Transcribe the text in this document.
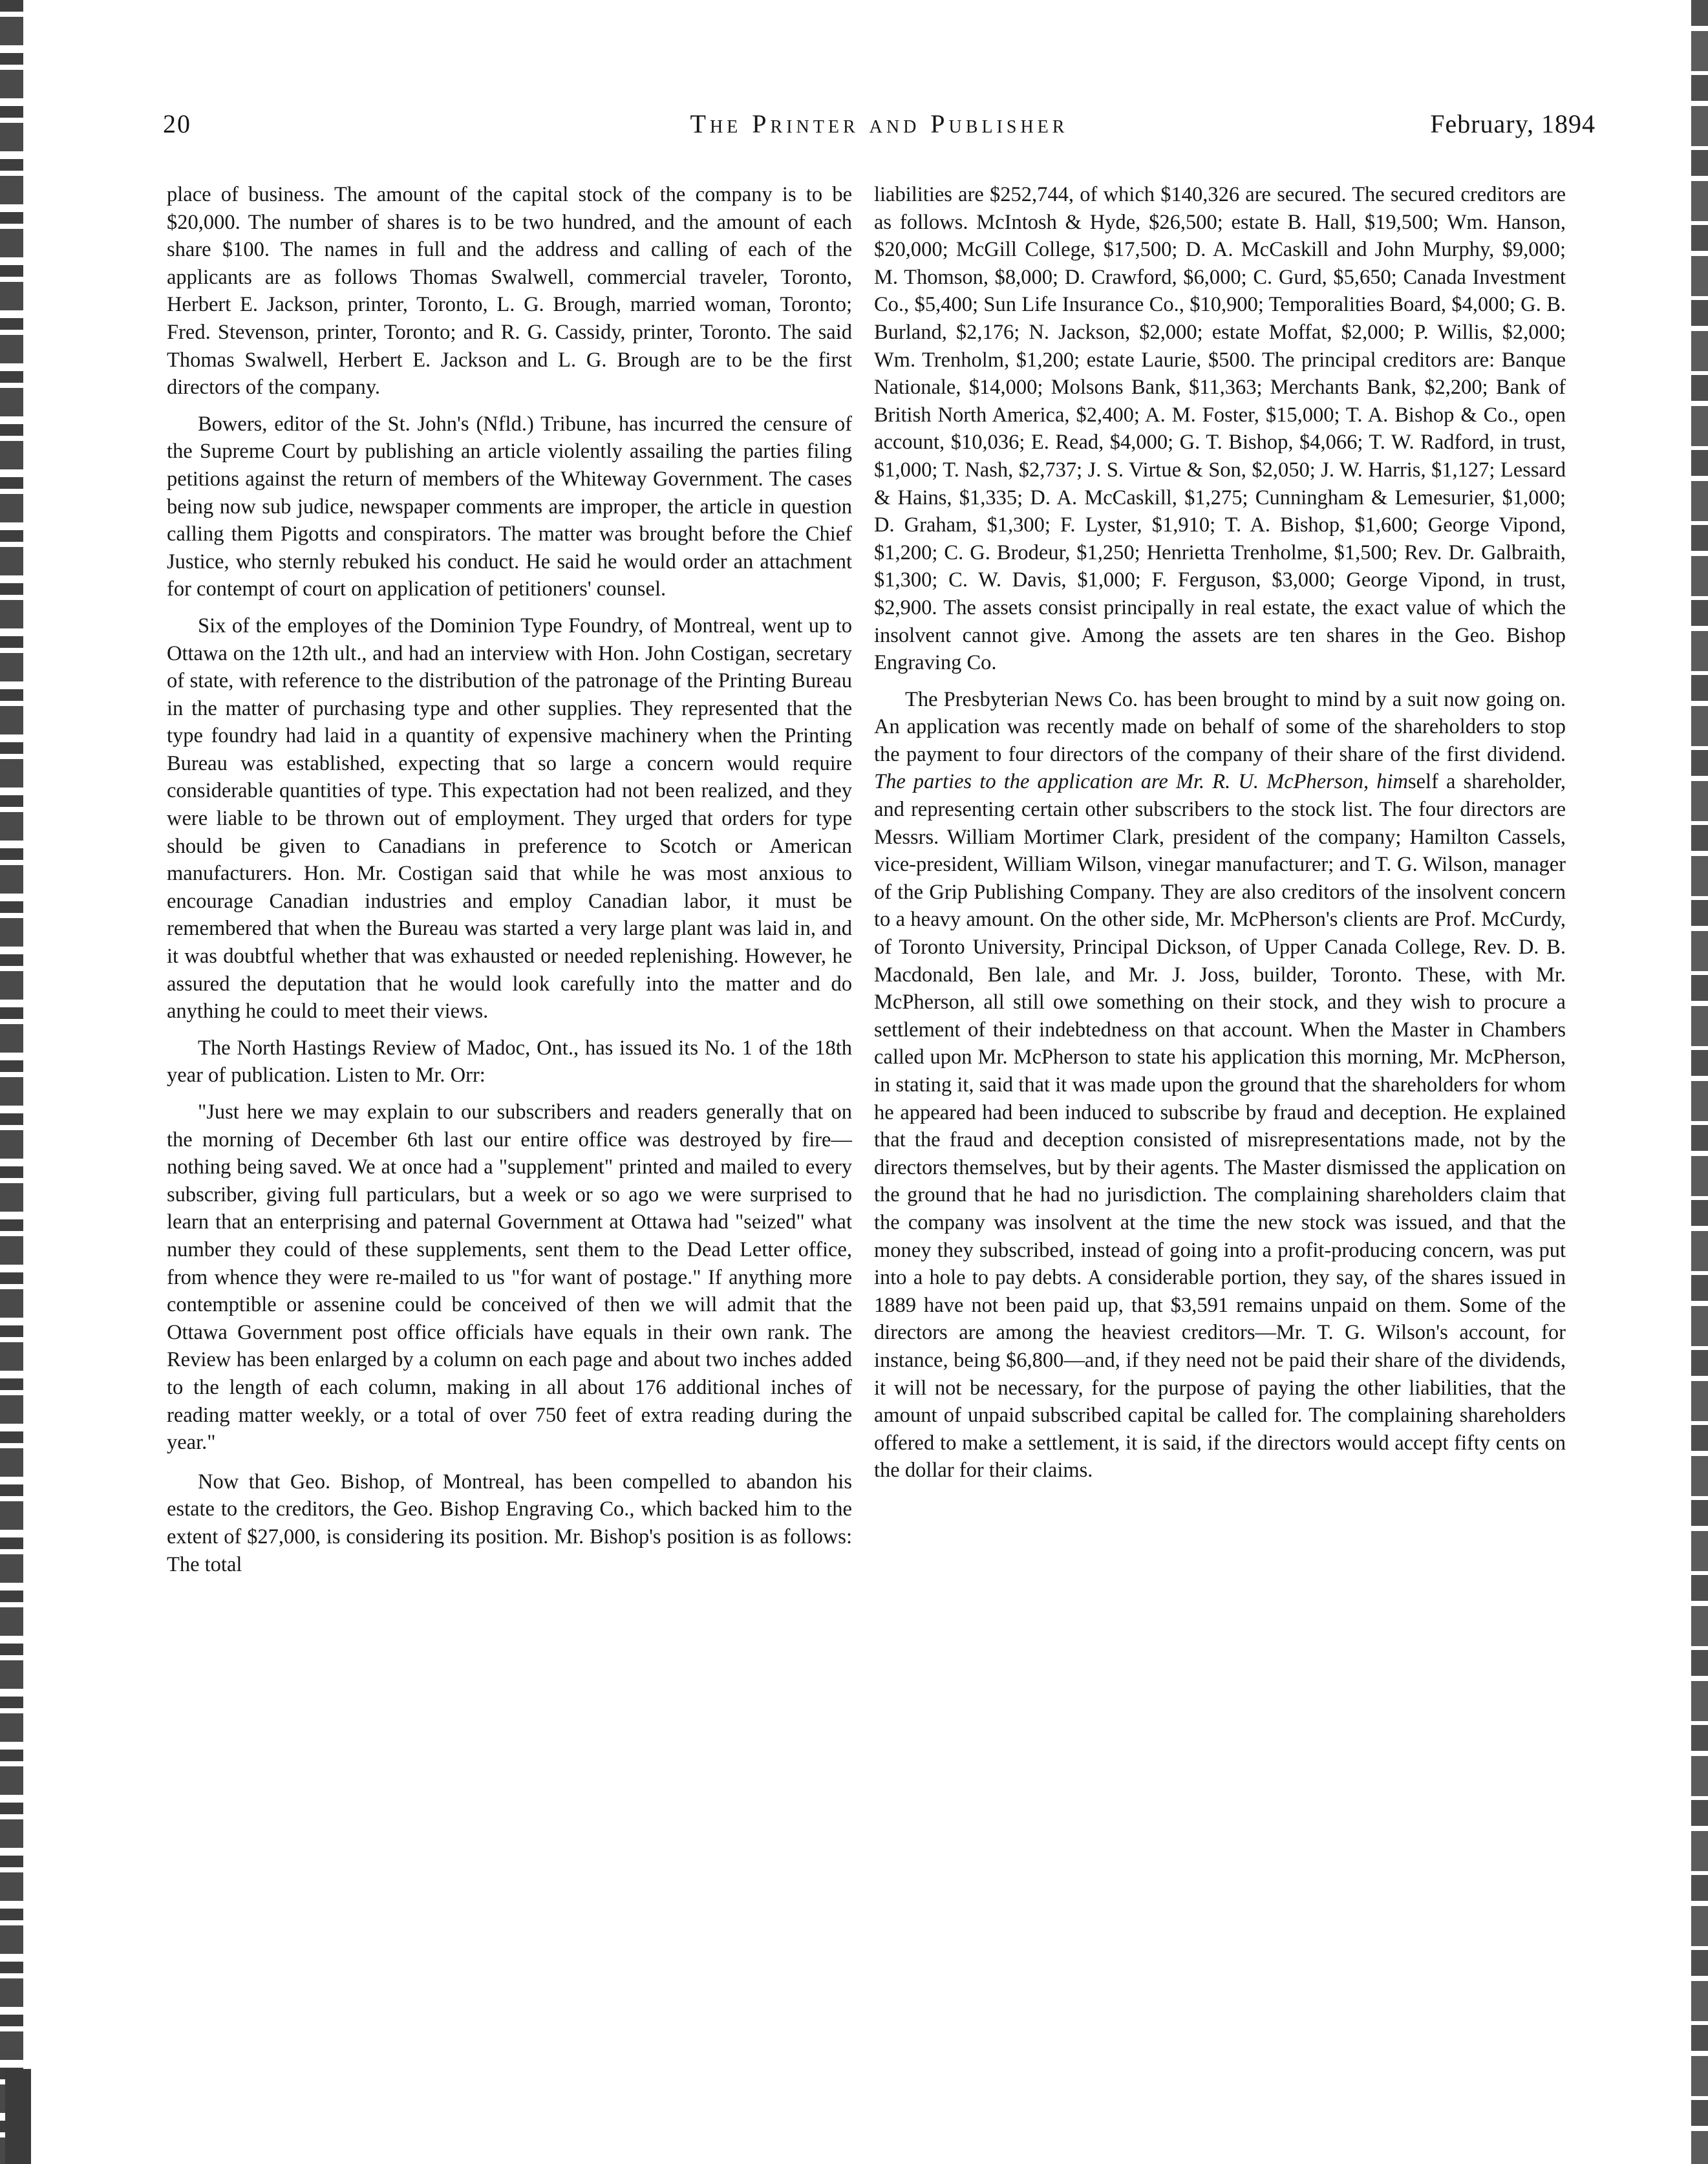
20	The Printer and Publisher	February, 1894

place of business. The amount of the capital stock of the company is to be $20,000. The number of shares is to be two hundred, and the amount of each share $100. The names in full and the address and calling of each of the applicants are as follows Thomas Swalwell, commercial traveler, Toronto, Herbert E. Jackson, printer, Toronto, L. G. Brough, married woman, Toronto; Fred. Stevenson, printer, Toronto; and R. G. Cassidy, printer, Toronto. The said Thomas Swalwell, Herbert E. Jackson and L. G. Brough are to be the first directors of the company.

Bowers, editor of the St. John's (Nfld.) Tribune, has incurred the censure of the Supreme Court by publishing an article violently assailing the parties filing petitions against the return of members of the Whiteway Government. The cases being now sub judice, newspaper comments are improper, the article in question calling them Pigotts and conspirators. The matter was brought before the Chief Justice, who sternly rebuked his conduct. He said he would order an attachment for contempt of court on application of petitioners' counsel.

Six of the employes of the Dominion Type Foundry, of Montreal, went up to Ottawa on the 12th ult., and had an interview with Hon. John Costigan, secretary of state, with reference to the distribution of the patronage of the Printing Bureau in the matter of purchasing type and other supplies. They represented that the type foundry had laid in a quantity of expensive machinery when the Printing Bureau was established, expecting that so large a concern would require considerable quantities of type. This expectation had not been realized, and they were liable to be thrown out of employment. They urged that orders for type should be given to Canadians in preference to Scotch or American manufacturers. Hon. Mr. Costigan said that while he was most anxious to encourage Canadian industries and employ Canadian labor, it must be remembered that when the Bureau was started a very large plant was laid in, and it was doubtful whether that was exhausted or needed replenishing. However, he assured the deputation that he would look carefully into the matter and do anything he could to meet their views.

The North Hastings Review of Madoc, Ont., has issued its No. 1 of the 18th year of publication. Listen to Mr. Orr:

"Just here we may explain to our subscribers and readers generally that on the morning of December 6th last our entire office was destroyed by fire—nothing being saved. We at once had a "supplement" printed and mailed to every subscriber, giving full particulars, but a week or so ago we were surprised to learn that an enterprising and paternal Government at Ottawa had "seized" what number they could of these supplements, sent them to the Dead Letter office, from whence they were re-mailed to us "for want of postage." If anything more contemptible or assenine could be conceived of then we will admit that the Ottawa Government post office officials have equals in their own rank. The Review has been enlarged by a column on each page and about two inches added to the length of each column, making in all about 176 additional inches of reading matter weekly, or a total of over 750 feet of extra reading during the year."

Now that Geo. Bishop, of Montreal, has been compelled to abandon his estate to the creditors, the Geo. Bishop Engraving Co., which backed him to the extent of $27,000, is considering its position. Mr. Bishop's position is as follows: The total

liabilities are $252,744, of which $140,326 are secured. The secured creditors are as follows. McIntosh & Hyde, $26,500; estate B. Hall, $19,500; Wm. Hanson, $20,000; McGill College, $17,500; D. A. McCaskill and John Murphy, $9,000; M. Thomson, $8,000; D. Crawford, $6,000; C. Gurd, $5,650; Canada Investment Co., $5,400; Sun Life Insurance Co., $10,900; Temporalities Board, $4,000; G. B. Burland, $2,176; N. Jackson, $2,000; estate Moffat, $2,000; P. Willis, $2,000; Wm. Trenholm, $1,200; estate Laurie, $500. The principal creditors are: Banque Nationale, $14,000; Molsons Bank, $11,363; Merchants Bank, $2,200; Bank of British North America, $2,400; A. M. Foster, $15,000; T. A. Bishop & Co., open account, $10,036; E. Read, $4,000; G. T. Bishop, $4,066; T. W. Radford, in trust, $1,000; T. Nash, $2,737; J. S. Virtue & Son, $2,050; J. W. Harris, $1,127; Lessard & Hains, $1,335; D. A. McCaskill, $1,275; Cunningham & Lemesurier, $1,000; D. Graham, $1,300; F. Lyster, $1,910; T. A. Bishop, $1,600; George Vipond, $1,200; C. G. Brodeur, $1,250; Henrietta Trenholme, $1,500; Rev. Dr. Galbraith, $1,300; C. W. Davis, $1,000; F. Ferguson, $3,000; George Vipond, in trust, $2,900. The assets consist principally in real estate, the exact value of which the insolvent cannot give. Among the assets are ten shares in the Geo. Bishop Engraving Co.

The Presbyterian News Co. has been brought to mind by a suit now going on. An application was recently made on behalf of some of the shareholders to stop the payment to four directors of the company of their share of the first dividend. The parties to the application are Mr. R. U. McPherson, himself a shareholder, and representing certain other subscribers to the stock list. The four directors are Messrs. William Mortimer Clark, president of the company; Hamilton Cassels, vice-president, William Wilson, vinegar manufacturer; and T. G. Wilson, manager of the Grip Publishing Company. They are also creditors of the insolvent concern to a heavy amount. On the other side, Mr. McPherson's clients are Prof. McCurdy, of Toronto University, Principal Dickson, of Upper Canada College, Rev. D. B. Macdonald, Ben lale, and Mr. J. Joss, builder, Toronto. These, with Mr. McPherson, all still owe something on their stock, and they wish to procure a settlement of their indebtedness on that account. When the Master in Chambers called upon Mr. McPherson to state his application this morning, Mr. McPherson, in stating it, said that it was made upon the ground that the shareholders for whom he appeared had been induced to subscribe by fraud and deception. He explained that the fraud and deception consisted of misrepresentations made, not by the directors themselves, but by their agents. The Master dismissed the application on the ground that he had no jurisdiction. The complaining shareholders claim that the company was insolvent at the time the new stock was issued, and that the money they subscribed, instead of going into a profit-producing concern, was put into a hole to pay debts. A considerable portion, they say, of the shares issued in 1889 have not been paid up, that $3,591 remains unpaid on them. Some of the directors are among the heaviest creditors—Mr. T. G. Wilson's account, for instance, being $6,800—and, if they need not be paid their share of the dividends, it will not be necessary, for the purpose of paying the other liabilities, that the amount of unpaid subscribed capital be called for. The complaining shareholders offered to make a settlement, it is said, if the directors would accept fifty cents on the dollar for their claims.
